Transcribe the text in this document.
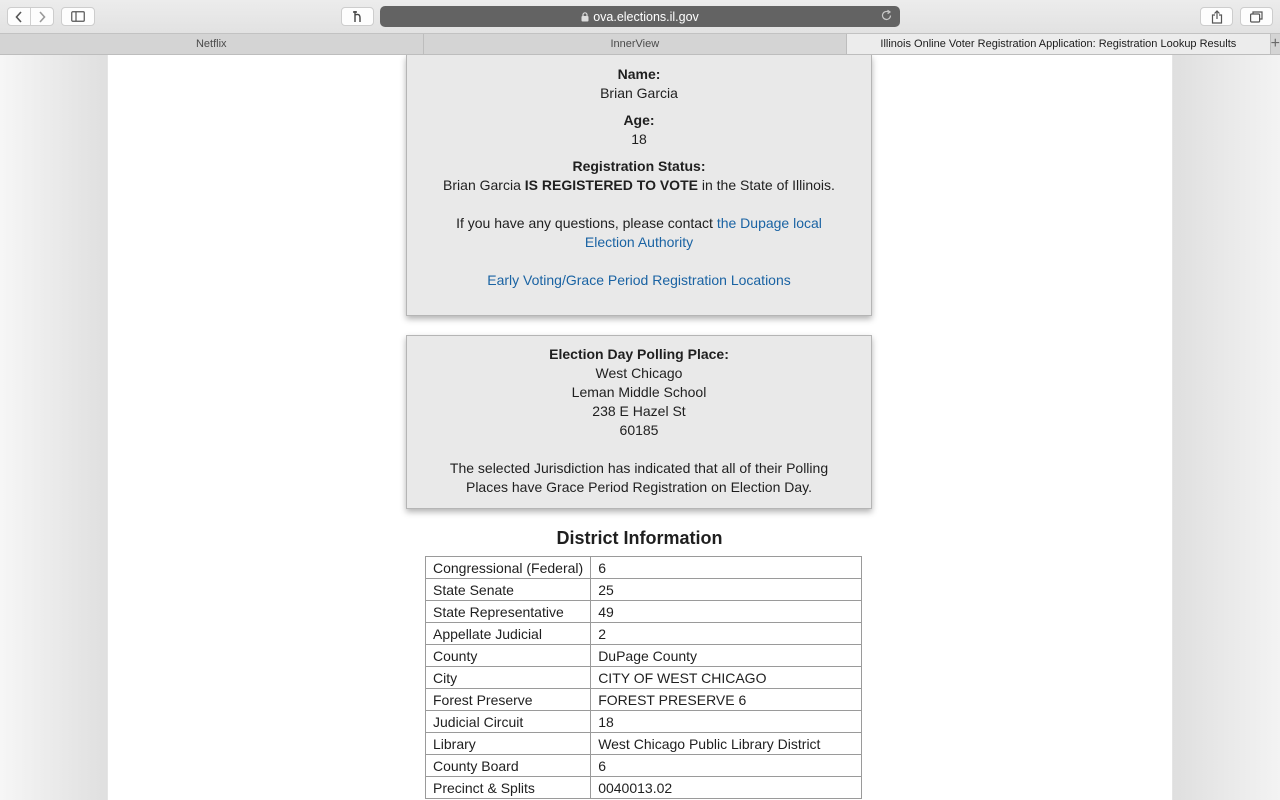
ova.elections.il.gov
Netflix	InnerView	Illinois Online Voter Registration Application: Registration Lookup Results	+
Name:
Brian Garcia
Age:
18
Registration Status:
Brian Garcia IS REGISTERED TO VOTE in the State of Illinois.
If you have any questions, please contact the Dupage local Election Authority
Early Voting/Grace Period Registration Locations
Election Day Polling Place:
West Chicago
Leman Middle School
238 E Hazel St
60185
The selected Jurisdiction has indicated that all of their Polling Places have Grace Period Registration on Election Day.
District Information
Congressional (Federal)	6
State Senate	25
State Representative	49
Appellate Judicial	2
County	DuPage County
City	CITY OF WEST CHICAGO
Forest Preserve	FOREST PRESERVE 6
Judicial Circuit	18
Library	West Chicago Public Library District
County Board	6
Precinct & Splits	0040013.02
